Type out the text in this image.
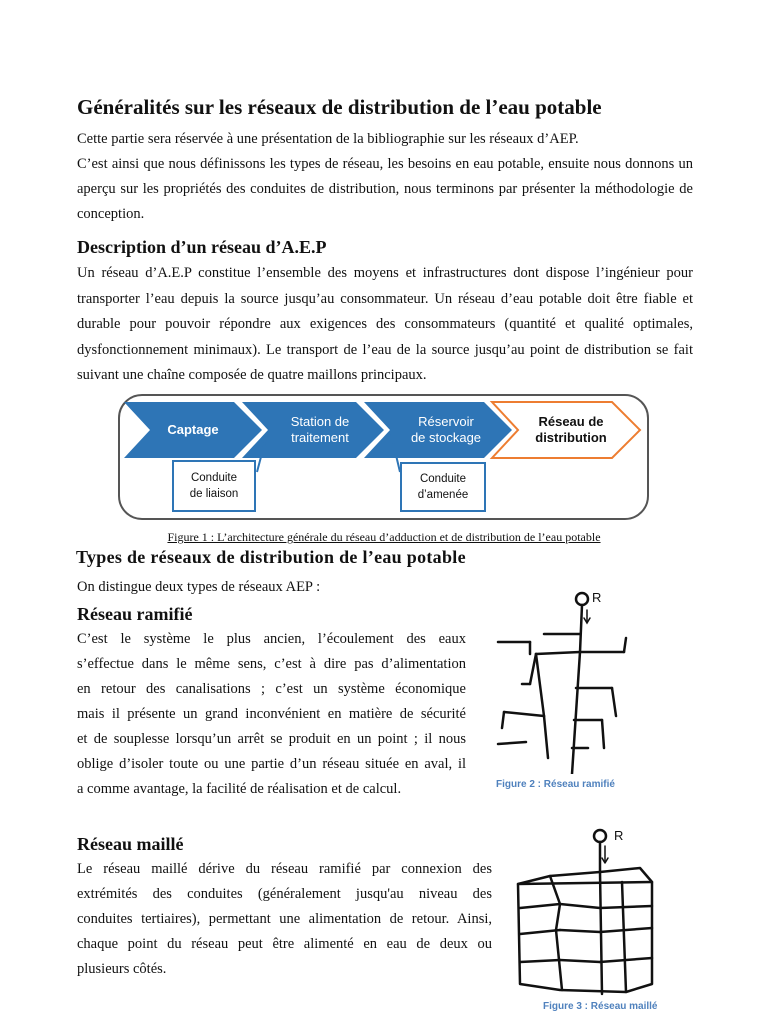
Généralités sur les réseaux de distribution de l’eau potable

Cette partie sera réservée à une présentation de la bibliographie sur les réseaux d’AEP.

C’est ainsi que nous définissons les types de réseau, les besoins en eau potable, ensuite nous donnons un aperçu sur les propriétés des conduites de distribution, nous terminons par présenter la méthodologie de conception.

Description d’un réseau d’A.E.P

Un réseau d’A.E.P constitue l’ensemble des moyens et infrastructures dont dispose l’ingénieur pour transporter l’eau depuis la source jusqu’au consommateur. Un réseau d’eau potable doit être fiable et durable pour pouvoir répondre aux exigences des consommateurs (quantité et qualité optimales, dysfonctionnement minimaux). Le transport de l’eau de la source jusqu’au point de distribution se fait suivant une chaîne composée de quatre maillons principaux.

Captage
Station de
traitement
Réservoir
de stockage
Réseau de
distribution
Conduite
de liaison
Conduite
d’amenée
Figure 1 : L’architecture générale du réseau d’adduction et de distribution de l’eau potable
Types de réseaux de distribution de l’eau potable
On distingue deux types de réseaux AEP :
Réseau ramifié
C’est le système le plus ancien, l’écoulement des eaux
s’effectue dans le même sens, c’est à dire pas d’alimentation
en retour des canalisations ; c’est un système économique
mais il présente un grand inconvénient en matière de sécurité
et de souplesse lorsqu’un arrêt se produit en un point ; il nous
oblige d’isoler toute ou une partie d’un réseau située en aval, il
a comme avantage, la facilité de réalisation et de calcul.
R
Figure 2 : Réseau ramifié
Réseau maillé
Le réseau maillé dérive du réseau ramifié par connexion des
extrémités des conduites (généralement jusqu'au niveau des
conduites tertiaires), permettant une alimentation de retour. Ainsi,
chaque point du réseau peut être alimenté en eau de deux ou
plusieurs côtés.
R
Figure 3 : Réseau maillé
